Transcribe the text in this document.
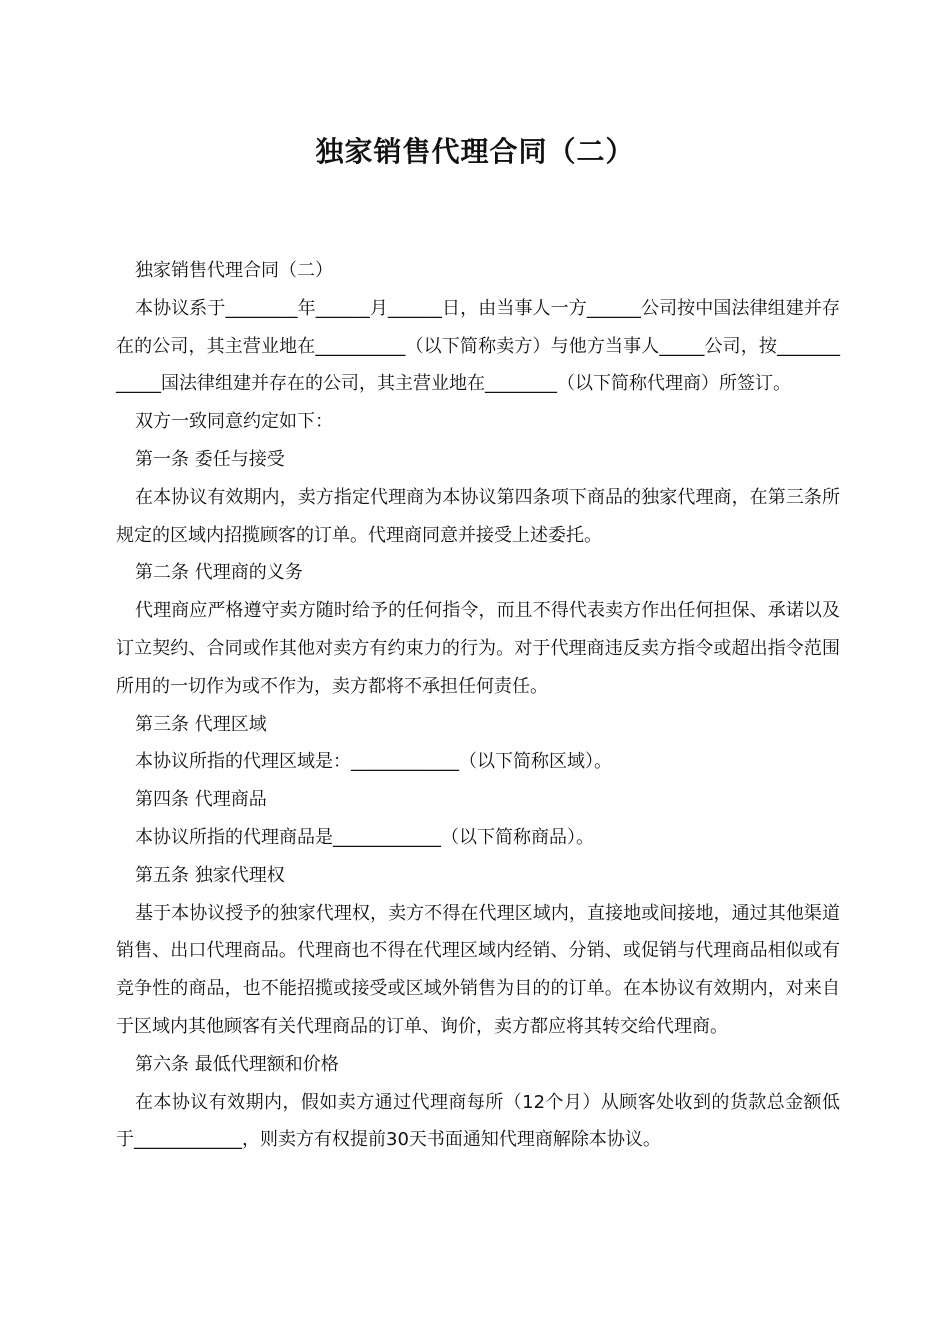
独家销售代理合同（二）

独家销售代理合同（二）

本协议系于________年______月______日，由当事人一方______公司按中国法律组建并存在的公司，其主营业地在__________（以下简称卖方）与他方当事人_____公司，按____________国法律组建并存在的公司，其主营业地在________（以下简称代理商）所签订。

双方一致同意约定如下：

第一条 委任与接受

在本协议有效期内，卖方指定代理商为本协议第四条项下商品的独家代理商，在第三条所规定的区域内招揽顾客的订单。代理商同意并接受上述委托。

第二条 代理商的义务

代理商应严格遵守卖方随时给予的任何指令，而且不得代表卖方作出任何担保、承诺以及订立契约、合同或作其他对卖方有约束力的行为。对于代理商违反卖方指令或超出指令范围所用的一切作为或不作为，卖方都将不承担任何责任。

第三条 代理区域

本协议所指的代理区域是：____________（以下简称区域）。

第四条 代理商品

本协议所指的代理商品是____________（以下简称商品）。

第五条 独家代理权

基于本协议授予的独家代理权，卖方不得在代理区域内，直接地或间接地，通过其他渠道销售、出口代理商品。代理商也不得在代理区域内经销、分销、或促销与代理商品相似或有竞争性的商品，也不能招揽或接受或区域外销售为目的的订单。在本协议有效期内，对来自于区域内其他顾客有关代理商品的订单、询价，卖方都应将其转交给代理商。

第六条 最低代理额和价格

在本协议有效期内，假如卖方通过代理商每所（12个月）从顾客处收到的货款总金额低于____________，则卖方有权提前30天书面通知代理商解除本协议。
